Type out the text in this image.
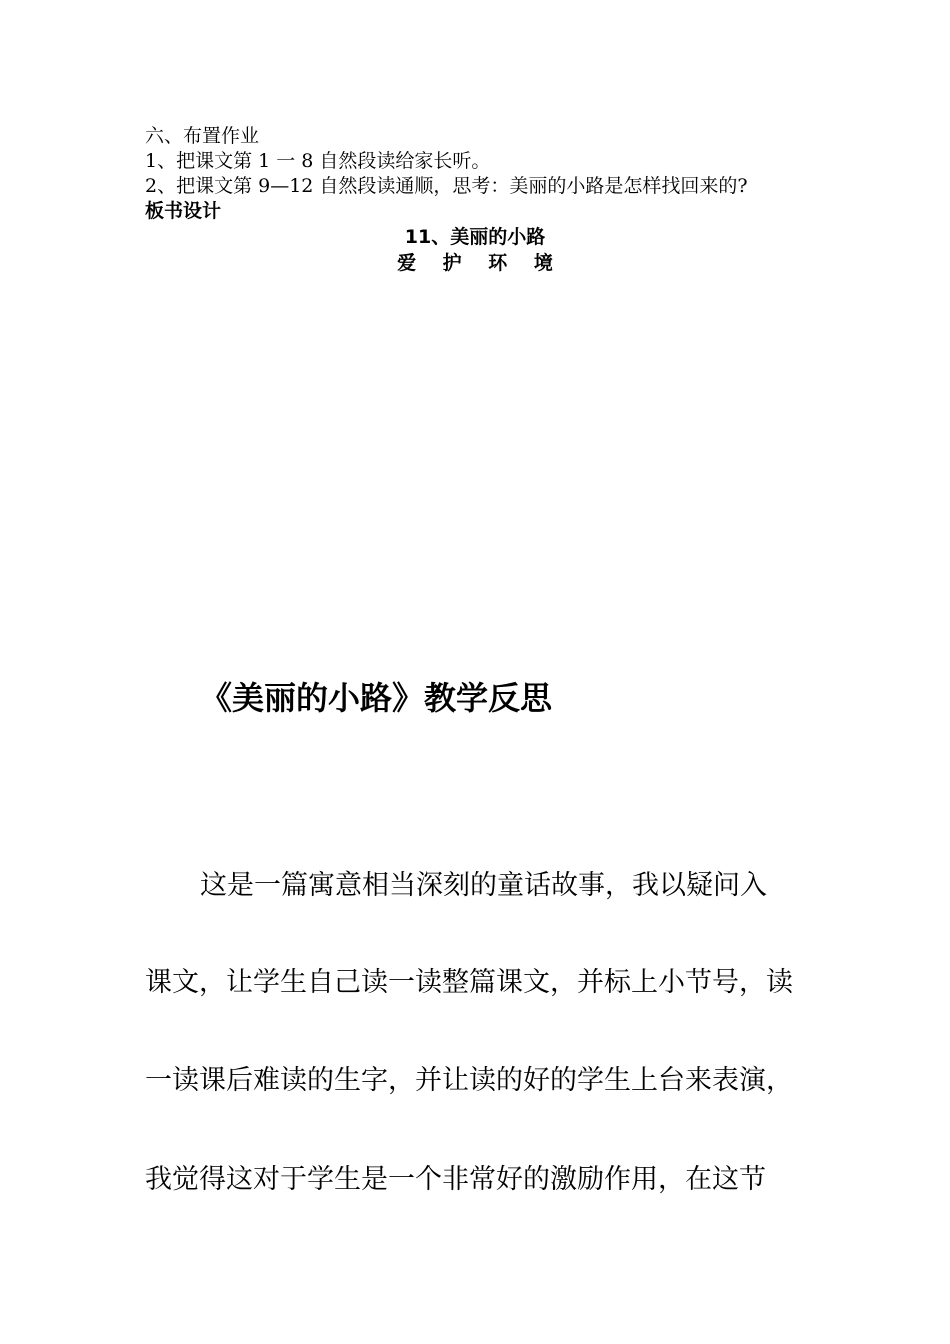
六、布置作业
1、把课文第 1 一 8 自然段读给家长听。
2、把课文第 9—12 自然段读通顺，思考：美丽的小路是怎样找回来的?
板书设计
11、美丽的小路
爱 护 环 境
《美丽的小路》教学反思
这是一篇寓意相当深刻的童话故事，我以疑问入
课文，让学生自己读一读整篇课文，并标上小节号，读
一读课后难读的生字，并让读的好的学生上台来表演，
我觉得这对于学生是一个非常好的激励作用，在这节
